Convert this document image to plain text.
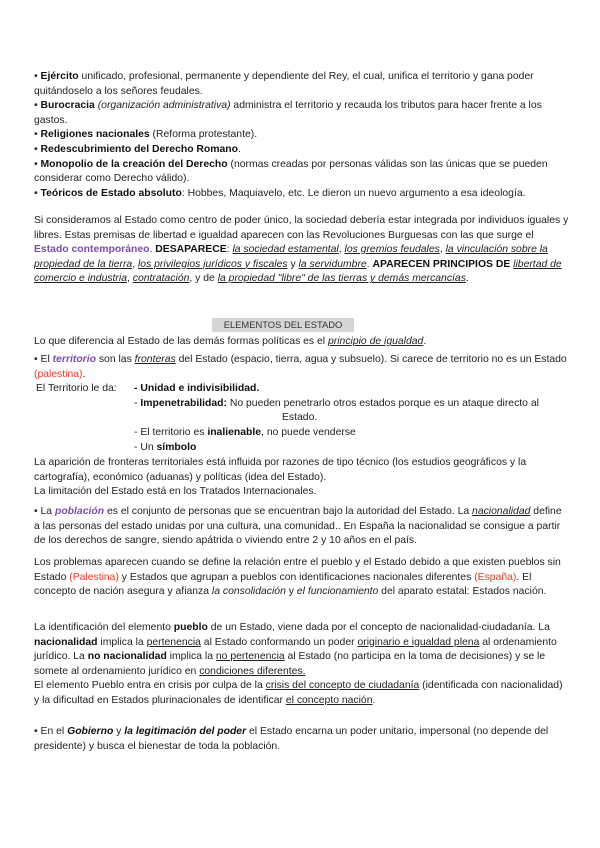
• Ejército unificado, profesional, permanente y dependiente del Rey, el cual, unifica el territorio y gana poder quitándoselo a los señores feudales.

• Burocracia (organización administrativa) administra el territorio y recauda los tributos para hacer frente a los gastos.

• Religiones nacionales (Reforma protestante).

• Redescubrimiento del Derecho Romano.

• Monopolio de la creación del Derecho (normas creadas por personas válidas son las únicas que se pueden considerar como Derecho válido).

• Teóricos de Estado absoluto: Hobbes, Maquiavelo, etc. Le dieron un nuevo argumento a esa ideología.

Si consideramos al Estado como centro de poder único, la sociedad debería estar integrada por individuos iguales y libres. Estas premisas de libertad e igualdad aparecen con las Revoluciones Burguesas con las que surge el Estado contemporáneo. DESAPARECE: la sociedad estamental, los gremios feudales, la vinculación sobre la propiedad de la tierra, los privilegios jurídicos y fiscales y la servidumbre. APARECEN PRINCIPIOS DE libertad de comercio e industria, contratación, y de la propiedad "libre" de las tierras y demás mercancías.

ELEMENTOS DEL ESTADO

Lo que diferencia al Estado de las demás formas políticas es el principio de igualdad.

• El territorio son las fronteras del Estado (espacio, tierra, agua y subsuelo). Si carece de territorio no es un Estado (palestina).

El Territorio le da:	- Unidad e indivisibilidad.
- Impenetrabilidad: No pueden penetrarlo otros estados porque es un ataque directo al
Estado.
- El territorio es inalienable, no puede venderse
- Un símbolo

La aparición de fronteras territoriales está influida por razones de tipo técnico (los estudios geográficos y la cartografía), económico (aduanas) y políticas (idea del Estado).

La limitación del Estado está en los Tratados Internacionales.

• La población es el conjunto de personas que se encuentran bajo la autoridad del Estado. La nacionalidad define a las personas del estado unidas por una cultura, una comunidad.. En España la nacionalidad se consigue a partir de los derechos de sangre, siendo apátrida o viviendo entre 2 y 10 años en el país.

Los problemas aparecen cuando se define la relación entre el pueblo y el Estado debido a que existen pueblos sin Estado (Palestina) y Estados que agrupan a pueblos con identificaciones nacionales diferentes (España). El concepto de nación asegura y afianza la consolidación y el funcionamiento del aparato estatal: Estados nación.

La identificación del elemento pueblo de un Estado, viene dada por el concepto de nacionalidad-ciudadanía. La nacionalidad implica la pertenencia al Estado conformando un poder originario e igualdad plena al ordenamiento jurídico. La no nacionalidad implica la no pertenencia al Estado (no participa en la toma de decisiones) y se le somete al ordenamiento jurídico en condiciones diferentes.

El elemento Pueblo entra en crisis por culpa de la crisis del concepto de ciudadanía (identificada con nacionalidad) y la dificultad en Estados plurinacionales de identificar el concepto nación.

• En el Gobierno y la legitimación del poder el Estado encarna un poder unitario, impersonal (no depende del presidente) y busca el bienestar de toda la población.
